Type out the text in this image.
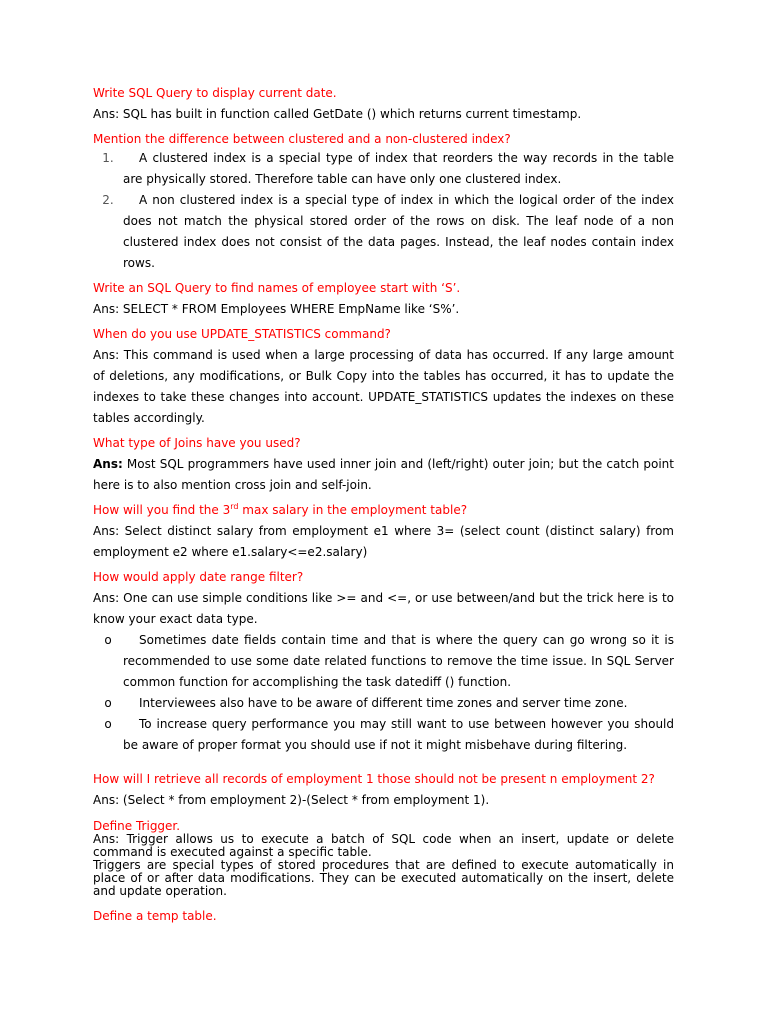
Write SQL Query to display current date.

Ans: SQL has built in function called GetDate () which returns current timestamp.

Mention the difference between clustered and a non-clustered index?

1.	A clustered index is a special type of index that reorders the way records in the table are physically stored. Therefore table can have only one clustered index.
2.	A non clustered index is a special type of index in which the logical order of the index does not match the physical stored order of the rows on disk. The leaf node of a non clustered index does not consist of the data pages. Instead, the leaf nodes contain index rows.

Write an SQL Query to find names of employee start with ‘S’.

Ans: SELECT * FROM Employees WHERE EmpName like ‘S%’.

When do you use UPDATE_STATISTICS command?

Ans: This command is used when a large processing of data has occurred. If any large amount of deletions, any modifications, or Bulk Copy into the tables has occurred, it has to update the indexes to take these changes into account. UPDATE_STATISTICS updates the indexes on these tables accordingly.

What type of Joins have you used?

Ans: Most SQL programmers have used inner join and (left/right) outer join; but the catch point here is to also mention cross join and self-join.

How will you find the 3rd max salary in the employment table?

Ans: Select distinct salary from employment e1 where 3= (select count (distinct salary) from employment e2 where e1.salary<=e2.salary)

How would apply date range filter?

Ans: One can use simple conditions like >= and <=, or use between/and but the trick here is to know your exact data type.

o	Sometimes date fields contain time and that is where the query can go wrong so it is recommended to use some date related functions to remove the time issue. In SQL Server common function for accomplishing the task datediff () function.
o	Interviewees also have to be aware of different time zones and server time zone.
o	To increase query performance you may still want to use between however you should be aware of proper format you should use if not it might misbehave during filtering.

How will I retrieve all records of employment 1 those should not be present n employment 2?

Ans: (Select * from employment 2)-(Select * from employment 1).

Define Trigger.

Ans: Trigger allows us to execute a batch of SQL code when an insert, update or delete command is executed against a specific table.

Triggers are special types of stored procedures that are defined to execute automatically in place of or after data modifications. They can be executed automatically on the insert, delete and update operation.

Define a temp table.
